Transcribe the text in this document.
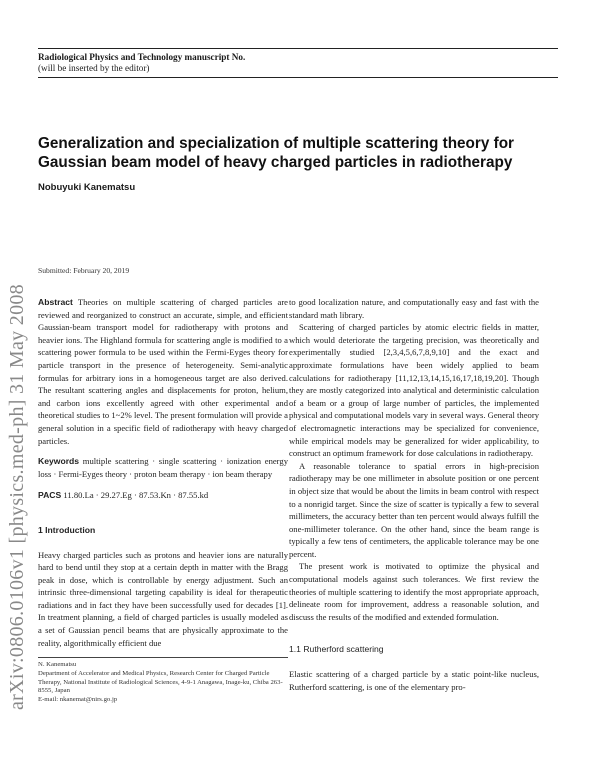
Radiological Physics and Technology manuscript No.
(will be inserted by the editor)
arXiv:0806.0106v1 [physics.med-ph] 31 May 2008
Generalization and specialization of multiple scattering theory for Gaussian beam model of heavy charged particles in radiotherapy
Nobuyuki Kanematsu
Submitted: February 20, 2019

Abstract Theories on multiple scattering of charged particles are reviewed and reorganized to construct an accurate, simple, and efficient Gaussian-beam transport model for radiotherapy with protons and heavier ions. The Highland formula for scattering angle is modified to a scattering power formula to be used within the Fermi-Eyges theory for particle transport in the presence of heterogeneity. Semi-analytic formulas for arbitrary ions in a homogeneous target are also derived. The resultant scattering angles and displacements for proton, helium, and carbon ions excellently agreed with other experimental and theoretical studies to 1~2% level. The present formulation will provide a general solution in a specific field of radiotherapy with heavy charged particles.

Keywords multiple scattering · single scattering · ionization energy loss · Fermi-Eyges theory · proton beam therapy · ion beam therapy

PACS 11.80.La · 29.27.Eg · 87.53.Kn · 87.55.kd

1 Introduction

Heavy charged particles such as protons and heavier ions are naturally hard to bend until they stop at a certain depth in matter with the Bragg peak in dose, which is controllable by energy adjustment. Such an intrinsic three-dimensional targeting capability is ideal for therapeutic radiations and in fact they have been successfully used for decades [1]. In treatment planning, a field of charged particles is usually modeled as a set of Gaussian pencil beams that are physically approximate to the reality, algorithmically efficient due

to good localization nature, and computationally easy and fast with the standard math library.

Scattering of charged particles by atomic electric fields in matter, which would deteriorate the targeting precision, was theoretically and experimentally studied [2,3,4,5,6,7,8,9,10] and the exact and approximate formulations have been widely applied to beam calculations for radiotherapy [11,12,13,14,15,16,17,18,19,20]. Though they are mostly categorized into analytical and deterministic calculation of a beam or a group of large number of particles, the implemented physical and computational models vary in several ways. General theory of electromagnetic interactions may be specialized for convenience, while empirical models may be generalized for wider applicability, to construct an optimum framework for dose calculations in radiotherapy.

A reasonable tolerance to spatial errors in high-precision radiotherapy may be one millimeter in absolute position or one percent in object size that would be about the limits in beam control with respect to a nonrigid target. Since the size of scatter is typically a few to several millimeters, the accuracy better than ten percent would always fulfill the one-millimeter tolerance. On the other hand, since the beam range is typically a few tens of centimeters, the applicable tolerance may be one percent.

The present work is motivated to optimize the physical and computational models against such tolerances. We first review the theories of multiple scattering to identify the most appropriate approach, delineate room for improvement, address a reasonable solution, and discuss the results of the modified and extended formulation.

1.1 Rutherford scattering

Elastic scattering of a charged particle by a static point-like nucleus, Rutherford scattering, is one of the elementary pro-

N. Kanematsu
Department of Accelerator and Medical Physics, Research Center for Charged Particle Therapy, National Institute of Radiological Sciences, 4-9-1 Anagawa, Inage-ku, Chiba 263-8555, Japan
E-mail: nkanemat@nirs.go.jp
